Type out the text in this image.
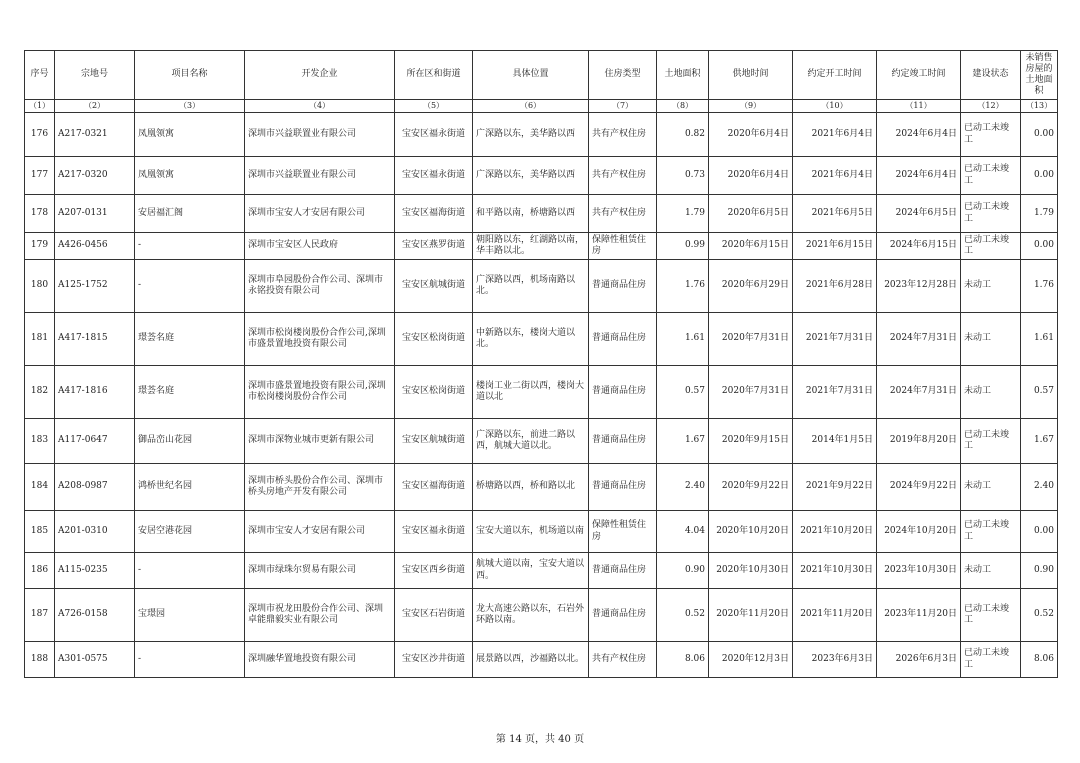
序号	宗地号	项目名称	开发企业	所在区和街道	具体位置	住房类型	土地面积	供地时间	约定开工时间	约定竣工时间	建设状态	未销售房屋的土地面积
（1）	（2）	（3）	（4）	（5）	（6）	（7）	（8）	（9）	（10）	（11）	（12）	（13）
176	A217-0321	凤凰领寓	深圳市兴益联置业有限公司	宝安区福永街道	广深路以东，美华路以西	共有产权住房	0.82	2020年6月4日	2021年6月4日	2024年6月4日	已动工未竣工	0.00
177	A217-0320	凤凰领寓	深圳市兴益联置业有限公司	宝安区福永街道	广深路以东，美华路以西	共有产权住房	0.73	2020年6月4日	2021年6月4日	2024年6月4日	已动工未竣工	0.00
178	A207-0131	安居福汇阁	深圳市宝安人才安居有限公司	宝安区福海街道	和平路以南，桥塘路以西	共有产权住房	1.79	2020年6月5日	2021年6月5日	2024年6月5日	已动工未竣工	1.79
179	A426-0456	-	深圳市宝安区人民政府	宝安区燕罗街道	朝阳路以东，红湖路以南，华丰路以北。	保障性租赁住房	0.99	2020年6月15日	2021年6月15日	2024年6月15日	已动工未竣工	0.00
180	A125-1752	-	深圳市阜园股份合作公司、深圳市永铭投资有限公司	宝安区航城街道	广深路以西，机场南路以北。	普通商品住房	1.76	2020年6月29日	2021年6月28日	2023年12月28日	未动工	1.76
181	A417-1815	璟荟名庭	深圳市松岗楼岗股份合作公司,深圳市盛景置地投资有限公司	宝安区松岗街道	中新路以东，楼岗大道以北。	普通商品住房	1.61	2020年7月31日	2021年7月31日	2024年7月31日	未动工	1.61
182	A417-1816	璟荟名庭	深圳市盛景置地投资有限公司,深圳市松岗楼岗股份合作公司	宝安区松岗街道	楼岗工业二街以西，楼岗大道以北	普通商品住房	0.57	2020年7月31日	2021年7月31日	2024年7月31日	未动工	0.57
183	A117-0647	御品峦山花园	深圳市深物业城市更新有限公司	宝安区航城街道	广深路以东，前进二路以西，航城大道以北。	普通商品住房	1.67	2020年9月15日	2014年1月5日	2019年8月20日	已动工未竣工	1.67
184	A208-0987	鸿桥世纪名园	深圳市桥头股份合作公司、深圳市桥头房地产开发有限公司	宝安区福海街道	桥塘路以西，桥和路以北	普通商品住房	2.40	2020年9月22日	2021年9月22日	2024年9月22日	未动工	2.40
185	A201-0310	安居空港花园	深圳市宝安人才安居有限公司	宝安区福永街道	宝安大道以东，机场道以南	保障性租赁住房	4.04	2020年10月20日	2021年10月20日	2024年10月20日	已动工未竣工	0.00
186	A115-0235	-	深圳市绿珠尔贸易有限公司	宝安区西乡街道	航城大道以南，宝安大道以西。	普通商品住房	0.90	2020年10月30日	2021年10月30日	2023年10月30日	未动工	0.90
187	A726-0158	宝璟园	深圳市祝龙田股份合作公司、深圳卓能鼎毅实业有限公司	宝安区石岩街道	龙大高速公路以东，石岩外环路以南。	普通商品住房	0.52	2020年11月20日	2021年11月20日	2023年11月20日	已动工未竣工	0.52
188	A301-0575	-	深圳融华置地投资有限公司	宝安区沙井街道	展景路以西，沙福路以北。	共有产权住房	8.06	2020年12月3日	2023年6月3日	2026年6月3日	已动工未竣工	8.06
第 14 页，共 40 页
